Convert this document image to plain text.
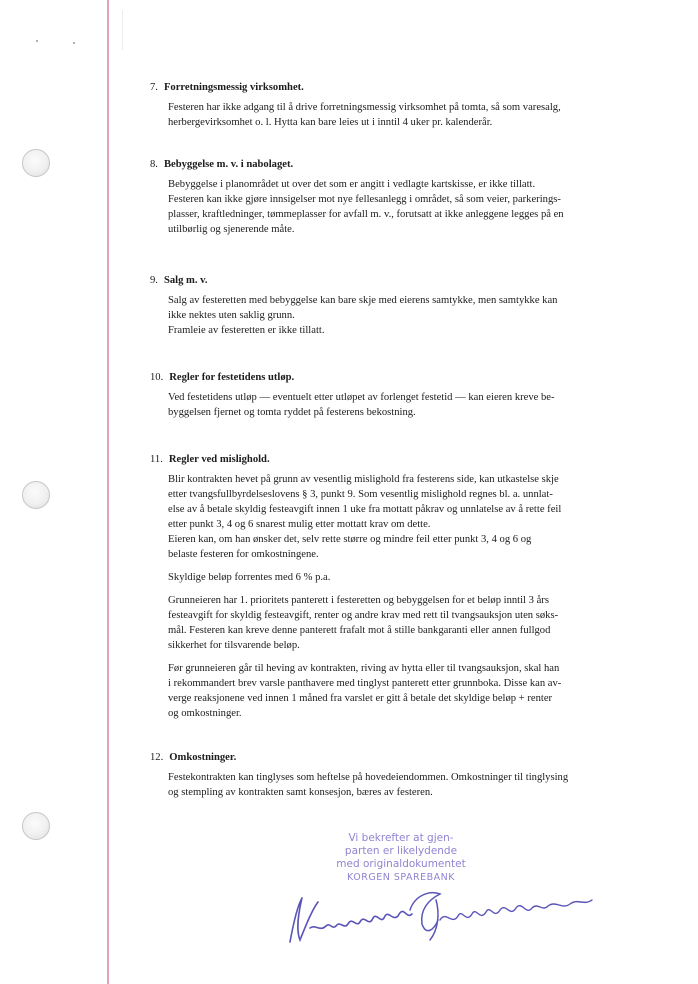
7. Forretningsmessig virksomhet.
Festeren har ikke adgang til å drive forretningsmessig virksomhet på tomta, så som varesalg,
herbergevirksomhet o. l. Hytta kan bare leies ut i inntil 4 uker pr. kalenderår.
8. Bebyggelse m. v. i nabolaget.
Bebyggelse i planområdet ut over det som er angitt i vedlagte kartskisse, er ikke tillatt.
Festeren kan ikke gjøre innsigelser mot nye fellesanlegg i området, så som veier, parkerings-
plasser, kraftledninger, tømmeplasser for avfall m. v., forutsatt at ikke anleggene legges på en
utilbørlig og sjenerende måte.
9. Salg m. v.
Salg av festeretten med bebyggelse kan bare skje med eierens samtykke, men samtykke kan
ikke nektes uten saklig grunn.
Framleie av festeretten er ikke tillatt.
10. Regler for festetidens utløp.
Ved festetidens utløp — eventuelt etter utløpet av forlenget festetid — kan eieren kreve be-
byggelsen fjernet og tomta ryddet på festerens bekostning.
11. Regler ved mislighold.
Blir kontrakten hevet på grunn av vesentlig mislighold fra festerens side, kan utkastelse skje
etter tvangsfullbyrdelseslovens § 3, punkt 9. Som vesentlig mislighold regnes bl. a. unnlat-
else av å betale skyldig festeavgift innen 1 uke fra mottatt påkrav og unnlatelse av å rette feil
etter punkt 3, 4 og 6 snarest mulig etter mottatt krav om dette.
Eieren kan, om han ønsker det, selv rette større og mindre feil etter punkt 3, 4 og 6 og
belaste festeren for omkostningene.
Skyldige beløp forrentes med 6 % p.a.
Grunneieren har 1. prioritets panterett i festeretten og bebyggelsen for et beløp inntil 3 års
festeavgift for skyldig festeavgift, renter og andre krav med rett til tvangsauksjon uten søks-
mål. Festeren kan kreve denne panterett frafalt mot å stille bankgaranti eller annen fullgod
sikkerhet for tilsvarende beløp.
Før grunneieren går til heving av kontrakten, riving av hytta eller til tvangsauksjon, skal han
i rekommandert brev varsle panthavere med tinglyst panterett etter grunnboka. Disse kan av-
verge reaksjonene ved innen 1 måned fra varslet er gitt å betale det skyldige beløp + renter
og omkostninger.
12. Omkostninger.
Festekontrakten kan tinglyses som heftelse på hovedeiendommen. Omkostninger til tinglysing
og stempling av kontrakten samt konsesjon, bæres av festeren.
Vi bekrefter at gjen-
parten er likelydende
med originaldokumentet
KORGEN SPAREBANK
